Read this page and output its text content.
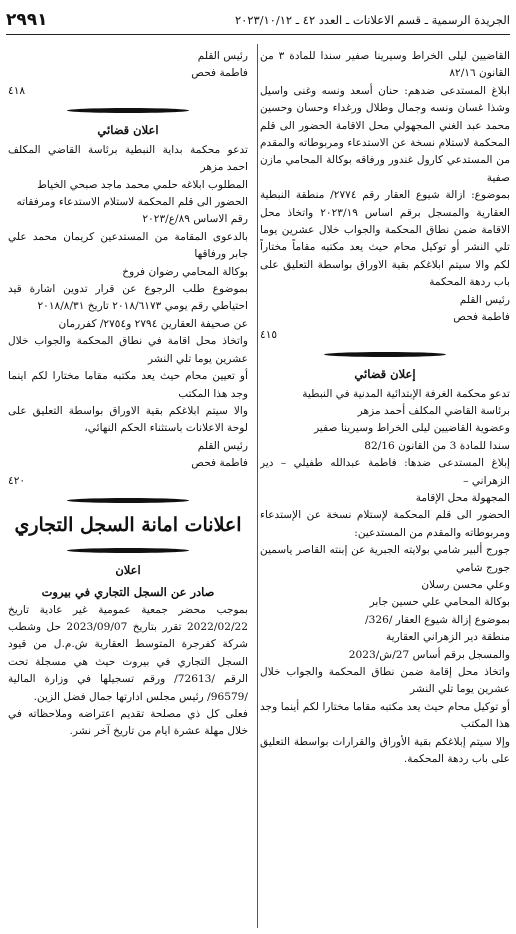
الجريدة الرسمية ـ قسم الاعلانات ـ العدد ٤٢ ـ ٢٠٢٣/١٠/١٢
٢٩٩١

القاضيين ليلى الخراط وسيرينا صفير سندا للمادة ٣ من القانون ٨٢/١٦

ابلاغ المستدعى ضدهم: حنان أسعد ونسه وغنى واسيل وشذا غسان ونسه وجمال وطلال ورغداء وحسان وحسين محمد عبد الغني المجهولي محل الاقامة الحضور الى قلم المحكمة لاستلام نسخة عن الاستدعاء ومربوطاته والمقدم من المستدعي كارول غندور ورفاقه بوكالة المحامي مازن صفية

بموضوع: ازالة شيوع العقار رقم ٢٧٧٤/ منطقة النبطية العقارية والمسجل برقم اساس ٢٠٢٣/١٩ واتخاذ محل الاقامة ضمن نطاق المحكمة والجواب خلال عشرين يوما تلي النشر أو توكيل محام حيث يعد مكتبه مقاماً مختاراً لكم والا سيتم ابلاغكم بقية الاوراق بواسطة التعليق على باب ردهة المحكمة

رئيس القلم
فاطمة فحص
٤١٥
إعلان قضائي

تدعو محكمة الغرفة الإبتدائية المدنية في النبطية

برئاسة القاضي المكلف أحمد مزهر

وعضوية القاضيين ليلى الخراط وسيرينا صفير

سندا للمادة 3 من القانون 82/16

إبلاغ المستدعى ضدها: فاطمة عبدالله طفيلي – دير الزهراني –

المجهولة محل الإقامة

الحضور الى قلم المحكمة لإستلام نسخة عن الإستدعاء ومربوطاته والمقدم من المستدعين:

جورج ألبير شامي بولايته الجبرية عن إبنته القاصر ياسمين جورج شامي

وعلي محسن رسلان

بوكالة المحامي علي حسين جابر

بموضوع إزالة شيوع العقار /326/

منطقة دير الزهراني العقارية

والمسجل برقم أساس 27/ش/2023

واتخاذ محل إقامة ضمن نطاق المحكمة والجواب خلال عشرين يوما تلي النشر

أو توكيل محام حيث يعد مكتبه مقاما مختارا لكم أينما وجد هذا المكتب

وإلا سيتم إبلاغكم بقية الأوراق والقرارات بواسطة التعليق على باب ردهة المحكمة.

رئيس القلم
فاطمة فحص
٤١٨
اعلان قضائي

تدعو محكمة بداية النبطية برئاسة القاضي المكلف احمد مزهر

المطلوب ابلاغه حلمي محمد ماجد صبحي الخياط

الحضور الى قلم المحكمة لاستلام الاستدعاء ومرفقاته

رقم الاساس ٨٩/ع/٢٠٢٣

بالدعوى المقامة من المستدعين كريمان محمد علي جابر ورفاقها

بوكالة المحامي رضوان فروخ

بموضوع طلب الرجوع عن قرار تدوين اشارة قيد احتياطي رقم يومي ٢٠١٨/٦١٧٣ تاريخ ٢٠١٨/٨/٣١

عن صحيفة العقارين ٢٧٩٤ و٢٧٥٤/ كفررمان

واتخاذ محل اقامة في نطاق المحكمة والجواب خلال عشرين يوما تلي النشر

أو تعيين محام حيث يعد مكتبه مقاما مختارا لكم اينما وجد هذا المكتب

والا سيتم ابلاغكم بقية الاوراق بواسطة التعليق على لوحة الاعلانات باستثناء الحكم النهائي،

رئيس القلم
فاطمة فحص
٤٢٠
اعلانات امانة السجل التجاري
اعلان
صادر عن السجل التجاري في بيروت

بموجب محضر جمعية عمومية غير عادية تاريخ 2022/02/22 تقرر بتاريخ 2023/09/07 حل وشطب شركة كفرجرة المتوسط العقارية ش.م.ل من قيود السجل التجاري في بيروت حيث هي مسجلة تحت الرقم /72613/ ورقم تسجيلها في وزارة المالية /96579/ رئيس مجلس ادارتها جمال فضل الزين.

فعلى كل ذي مصلحة تقديم اعتراضه وملاحظاته في خلال مهلة عشرة ايام من تاريخ آخر نشر.
